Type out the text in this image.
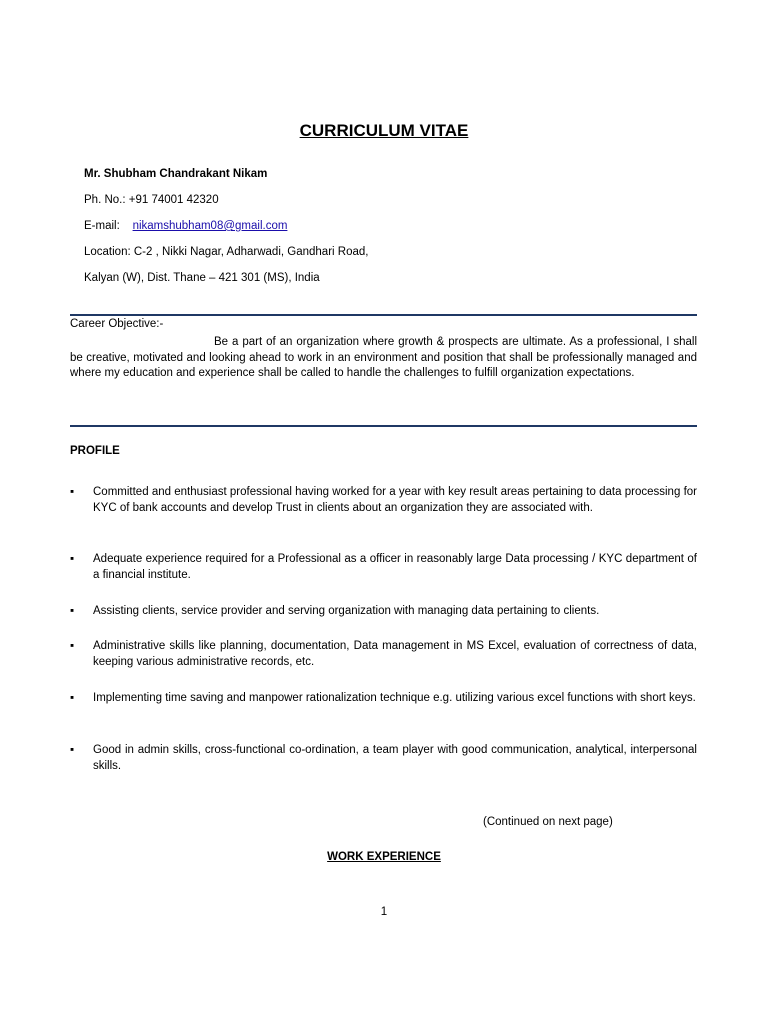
CURRICULUM VITAE
Mr. Shubham Chandrakant Nikam
Ph. No.: +91 74001 42320
E-mail: nikamshubham08@gmail.com
Location: C-2 , Nikki Nagar, Adharwadi, Gandhari Road,
Kalyan (W), Dist. Thane – 421 301 (MS), India
Career Objective:-
Be a part of an organization where growth & prospects are ultimate. As a professional, I shall be creative, motivated and looking ahead to work in an environment and position that shall be professionally managed and where my education and experience shall be called to handle the challenges to fulfill organization expectations.
PROFILE
▪	Committed and enthusiast professional having worked for a year with key result areas pertaining to data processing for KYC of bank accounts and develop Trust in clients about an organization they are associated with.
▪	Adequate experience required for a Professional as a officer in reasonably large Data processing / KYC department of a financial institute.
▪	Assisting clients, service provider and serving organization with managing data pertaining to clients.
▪	Administrative skills like planning, documentation, Data management in MS Excel, evaluation of correctness of data, keeping various administrative records, etc.
▪	Implementing time saving and manpower rationalization technique e.g. utilizing various excel functions with short keys.
▪	Good in admin skills, cross-functional co-ordination, a team player with good communication, analytical, interpersonal skills.
(Continued on next page)
WORK EXPERIENCE
1
